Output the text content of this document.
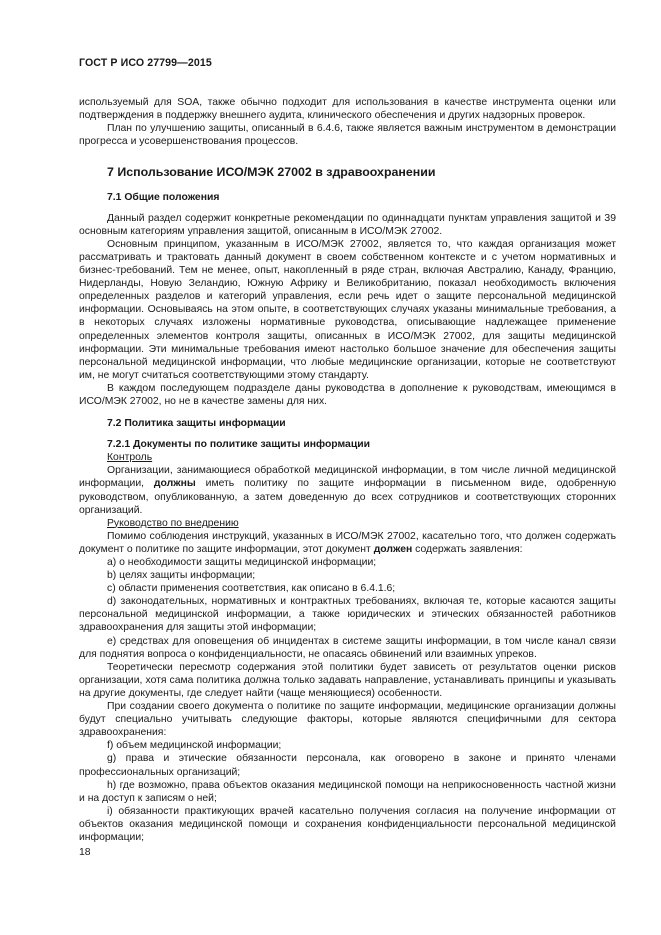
ГОСТ Р ИСО 27799—2015

используемый для SOA, также обычно подходит для использования в качестве инструмента оценки или подтверждения в поддержку внешнего аудита, клинического обеспечения и других надзорных проверок.

План по улучшению защиты, описанный в 6.4.6, также является важным инструментом в демонстрации прогресса и усовершенствования процессов.

7 Использование ИСО/МЭК 27002 в здравоохранении
7.1 Общие положения

Данный раздел содержит конкретные рекомендации по одиннадцати пунктам управления защитой и 39 основным категориям управления защитой, описанным в ИСО/МЭК 27002.

Основным принципом, указанным в ИСО/МЭК 27002, является то, что каждая организация может рассматривать и трактовать данный документ в своем собственном контексте и с учетом нормативных и бизнес-требований. Тем не менее, опыт, накопленный в ряде стран, включая Австралию, Канаду, Францию, Нидерланды, Новую Зеландию, Южную Африку и Великобританию, показал необходимость включения определенных разделов и категорий управления, если речь идет о защите персональной медицинской информации. Основываясь на этом опыте, в соответствующих случаях указаны минимальные требования, а в некоторых случаях изложены нормативные руководства, описывающие надлежащее применение определенных элементов контроля защиты, описанных в ИСО/МЭК 27002, для защиты медицинской информации. Эти минимальные требования имеют настолько большое значение для обеспечения защиты персональной медицинской информации, что любые медицинские организации, которые не соответствуют им, не могут считаться соответствующими этому стандарту.

В каждом последующем подразделе даны руководства в дополнение к руководствам, имеющимся в ИСО/МЭК 27002, но не в качестве замены для них.

7.2 Политика защиты информации
7.2.1 Документы по политике защиты информации
Контроль

Организации, занимающиеся обработкой медицинской информации, в том числе личной медицинской информации, должны иметь политику по защите информации в письменном виде, одобренную руководством, опубликованную, а затем доведенную до всех сотрудников и соответствующих сторонних организаций.

Руководство по внедрению

Помимо соблюдения инструкций, указанных в ИСО/МЭК 27002, касательно того, что должен содержать документ о политике по защите информации, этот документ должен содержать заявления:

a) о необходимости защиты медицинской информации;

b) целях защиты информации;

c) области применения соответствия, как описано в 6.4.1.6;

d) законодательных, нормативных и контрактных требованиях, включая те, которые касаются защиты персональной медицинской информации, а также юридических и этических обязанностей работников здравоохранения для защиты этой информации;

e) средствах для оповещения об инцидентах в системе защиты информации, в том числе канал связи для поднятия вопроса о конфиденциальности, не опасаясь обвинений или взаимных упреков.

Теоретически пересмотр содержания этой политики будет зависеть от результатов оценки рисков организации, хотя сама политика должна только задавать направление, устанавливать принципы и указывать на другие документы, где следует найти (чаще меняющиеся) особенности.

При создании своего документа о политике по защите информации, медицинские организации должны будут специально учитывать следующие факторы, которые являются специфичными для сектора здравоохранения:

f) объем медицинской информации;

g) права и этические обязанности персонала, как оговорено в законе и принято членами профессиональных организаций;

h) где возможно, права объектов оказания медицинской помощи на неприкосновенность частной жизни и на доступ к записям о ней;

i) обязанности практикующих врачей касательно получения согласия на получение информации от объектов оказания медицинской помощи и сохранения конфиденциальности персональной медицинской информации;

18
